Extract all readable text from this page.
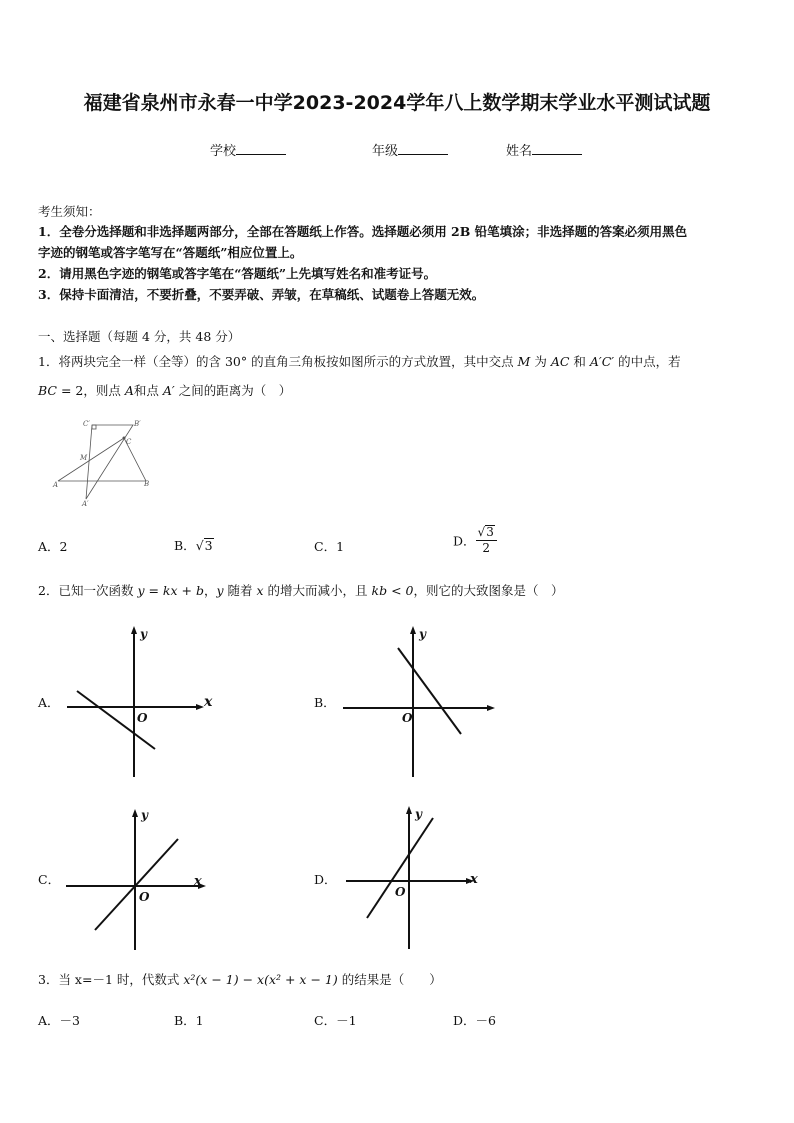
福建省泉州市永春一中学2023-2024学年八上数学期末学业水平测试试题
学校	年级	姓名
考生须知：
1．全卷分选择题和非选择题两部分，全部在答题纸上作答。选择题必须用 2B 铅笔填涂；非选择题的答案必须用黑色
字迹的钢笔或答字笔写在“答题纸”相应位置上。
2．请用黑色字迹的钢笔或答字笔在“答题纸”上先填写姓名和准考证号。
3．保持卡面清洁，不要折叠，不要弄破、弄皱，在草稿纸、试题卷上答题无效。
一、选择题（每题 4 分，共 48 分）
1．将两块完全一样（全等）的含 30° 的直角三角板按如图所示的方式放置，其中交点 M 为 AC 和 A′C′ 的中点，若
BC = 2，则点 A和点 A′ 之间的距离为（　）
C′	B′
C
M
A	B
A′
A．2	B．√3	C．1	D． $\frac{√3}{2}$
2．已知一次函数 y = kx + b，y 随着 x 的增大而减小，且 kb < 0，则它的大致图象是（　）
A．
y
x
O
B．
y
O
C．
y
x
O
D．
y
x
O
3．当 x=－1 时，代数式 x²(x − 1) − x(x² + x − 1) 的结果是（　　）
A．－3	B．1	C．－1	D．－6
